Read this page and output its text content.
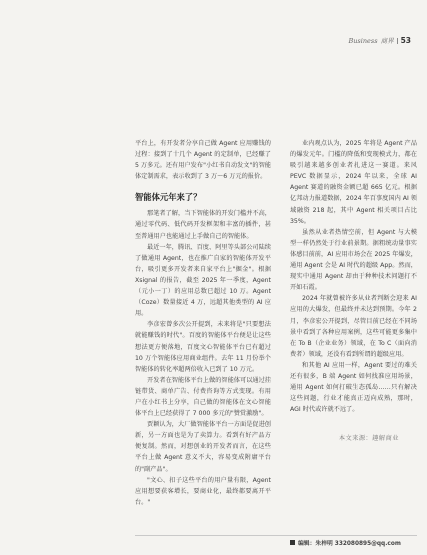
Business 商界 53

平台上，有开发者分享自己做 Agent 应用赚钱的过程：接到了十几个 Agent 的定制单，已经赚了 5 万多元。还有用户发布"小红书自动发文"的智能体定制需求，表示收到了 3 万～6 万元的报价。

智能体元年来了？

那笔者了解，当下智能体的开发门槛并不高，通过零代码、低代码开发框架和丰富的插件，甚至普通用户也能通过上手做自己的智能体。

最近一年，腾讯、百度、阿里等头部公司陆续了做通用 Agent，也在推广自家的智能体开发平台，吸引更多开发者来自家平台上"掘金"。根据 Xsignal 的报告，截至 2025 年一季度，Agent（元小一丁）的应用总数已超过 10 万。Agent（Coze）数量接近 4 万，远超其他类型的 AI 应用。

李彦宏曾多次公开提到，未来将是"只要想法就能赚钱的时代"。百度的智能体平台便是让这些想法更方便落地，百度文心智能体平台已有超过 10 万个智能体应用商业组件。去年 11 月份举个智能体的转化率超两倍收入已到了 10 万元。

开发者在智能体平台上做的智能体可以通过挂链带货、商单广告、付费咨询等方式变现。有用户在小红书上分享，自己做的智能体在文心智能体平台上已经获得了 7 000 多元的"赞赏激励"。

贾颖认为，大厂做智能体平台一方面是促进创新，另一方面也是为了卖算力。看到有好产品方便复制。然而，对想创业的开发者而言，在这些平台上做 Agent 意义不大，容易变成附庸平台的"副产品"。

"文心、扣子这些平台的用户量有限，Agent 应用想要获客增长，要商业化，最终都要离开平台。"

业内观点认为，2025 年将是 Agent 产品的爆发元年。门槛的降低和变现模式力，都在吸引越来越多创业者扎进这一赛道。来风 PEVC 数据显示，2024 年以来，全球 AI Agent 赛道的融资金额已超 665 亿元。根据亿邦动力报道数据，2024 年百事度国内 AI 领域融资 218 起，其中 Agent 相关项目占比 35%。

虽然从业者热情空前，但 Agent 与大模型一样仍然处于行业前景期。据粗统动量事实体感目前前，AI 应用市场会在 2025 年爆发，通用 Agent 会是 AI 时代的超级 App。然而，现实中通用 Agent 却由于种种技术问题打不开如石霞。

2024 年就曾被许多从业者判断会迎来 AI 应用的大爆发，但最终并未达到预期。今年 2 月，李彦宏公开提到，尽管目前已经在不同场景中看到了各种应用案例，这些可能更多集中在 To B（企业业务）领域，在 To C（面向消费者）领域，还没有看到所谓的超级应用。

和其他 AI 应用一样，Agent 要过的难关还有很多，B 端 Agent 如何找准应用场景，通用 Agent 如何打破生态孤岛……只有解决这些问题，行业才能真正迈向成熟，那时，AGI 时代或许就不远了。

本文来源：趣解商业
编辑：朱梓明 332080895@qq.com
